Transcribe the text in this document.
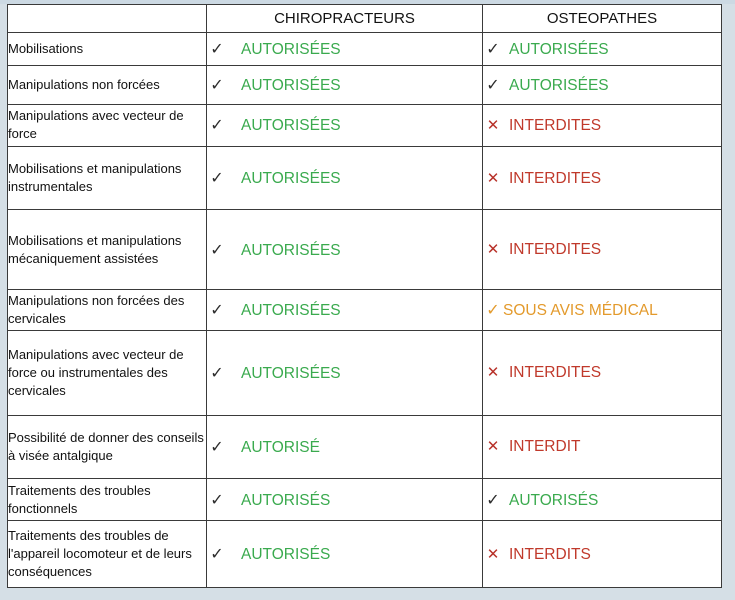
	CHIROPRACTEURS	OSTEOPATHES
Mobilisations	✓ AUTORISÉES	✓ AUTORISÉES
Manipulations non forcées	✓ AUTORISÉES	✓ AUTORISÉES
Manipulations avec vecteur de force	✓ AUTORISÉES	✕ INTERDITES
Mobilisations et manipulations instrumentales	✓ AUTORISÉES	✕ INTERDITES
Mobilisations et manipulations mécaniquement assistées	✓ AUTORISÉES	✕ INTERDITES
Manipulations non forcées des cervicales	✓ AUTORISÉES	✓ SOUS AVIS MÉDICAL
Manipulations avec vecteur de force ou instrumentales des cervicales	✓ AUTORISÉES	✕ INTERDITES
Possibilité de donner des conseils à visée antalgique	✓ AUTORISÉ	✕ INTERDIT
Traitements des troubles fonctionnels	✓ AUTORISÉS	✓ AUTORISÉS
Traitements des troubles de l'appareil locomoteur et de leurs conséquences	✓ AUTORISÉS	✕ INTERDITS
